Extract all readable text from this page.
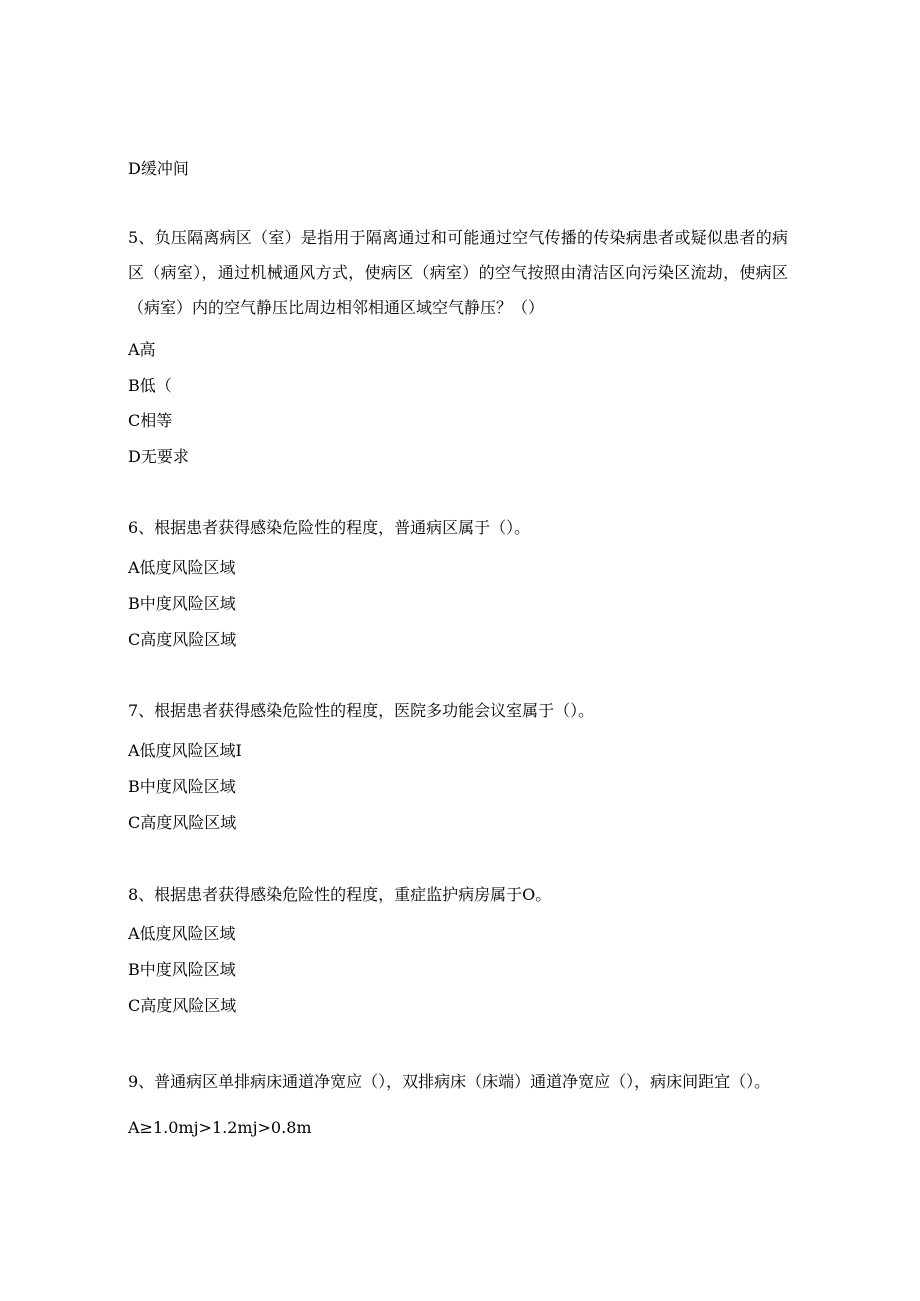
D缓冲间
5、负压隔离病区（室）是指用于隔离通过和可能通过空气传播的传染病患者或疑似患者的病区（病室），通过机械通风方式，使病区（病室）的空气按照由清洁区向污染区流劫，使病区（病室）内的空气静压比周边相邻相通区域空气静压？（）
A高
B低（
C相等
D无要求
6、根据患者获得感染危险性的程度，普通病区属于（）。
A低度风险区域
B中度风险区域
C高度风险区域
7、根据患者获得感染危险性的程度，医院多功能会议室属于（）。
A低度风险区域I
B中度风险区域
C高度风险区域
8、根据患者获得感染危险性的程度，重症监护病房属于O。
A低度风险区域
B中度风险区域
C高度风险区域
9、普通病区单排病床通道净宽应（），双排病床（床端）通道净宽应（），病床间距宜（）。
A≥1.0mj>1.2mj>0.8m
